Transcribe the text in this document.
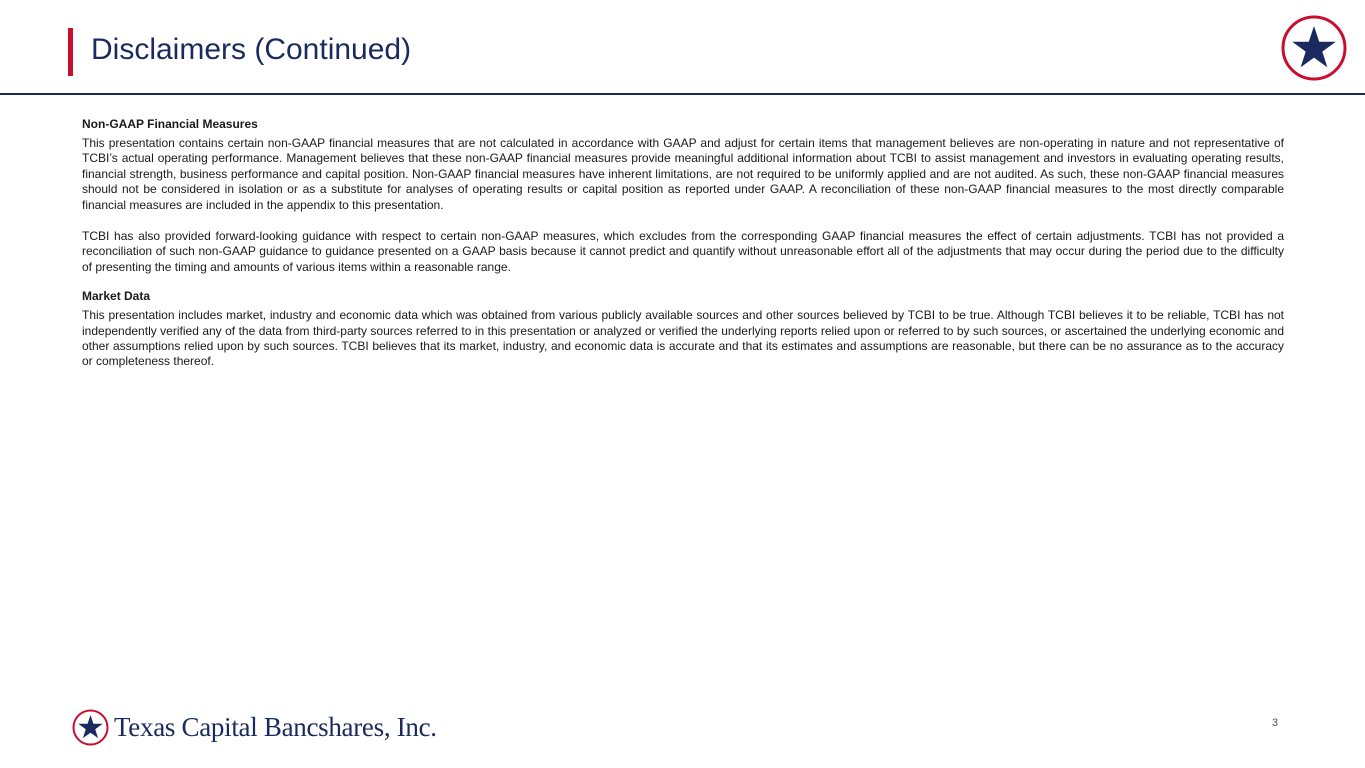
Disclaimers (Continued)
Non-GAAP Financial Measures

This presentation contains certain non-GAAP financial measures that are not calculated in accordance with GAAP and adjust for certain items that management believes are non-operating in nature and not representative of TCBI’s actual operating performance. Management believes that these non-GAAP financial measures provide meaningful additional information about TCBI to assist management and investors in evaluating operating results, financial strength, business performance and capital position. Non-GAAP financial measures have inherent limitations, are not required to be uniformly applied and are not audited. As such, these non-GAAP financial measures should not be considered in isolation or as a substitute for analyses of operating results or capital position as reported under GAAP. A reconciliation of these non-GAAP financial measures to the most directly comparable financial measures are included in the appendix to this presentation.

TCBI has also provided forward-looking guidance with respect to certain non-GAAP measures, which excludes from the corresponding GAAP financial measures the effect of certain adjustments. TCBI has not provided a reconciliation of such non-GAAP guidance to guidance presented on a GAAP basis because it cannot predict and quantify without unreasonable effort all of the adjustments that may occur during the period due to the difficulty of presenting the timing and amounts of various items within a reasonable range.

Market Data

This presentation includes market, industry and economic data which was obtained from various publicly available sources and other sources believed by TCBI to be true. Although TCBI believes it to be reliable, TCBI has not independently verified any of the data from third-party sources referred to in this presentation or analyzed or verified the underlying reports relied upon or referred to by such sources, or ascertained the underlying economic and other assumptions relied upon by such sources. TCBI believes that its market, industry, and economic data is accurate and that its estimates and assumptions are reasonable, but there can be no assurance as to the accuracy or completeness thereof.

Texas Capital Bancshares, Inc.	3
